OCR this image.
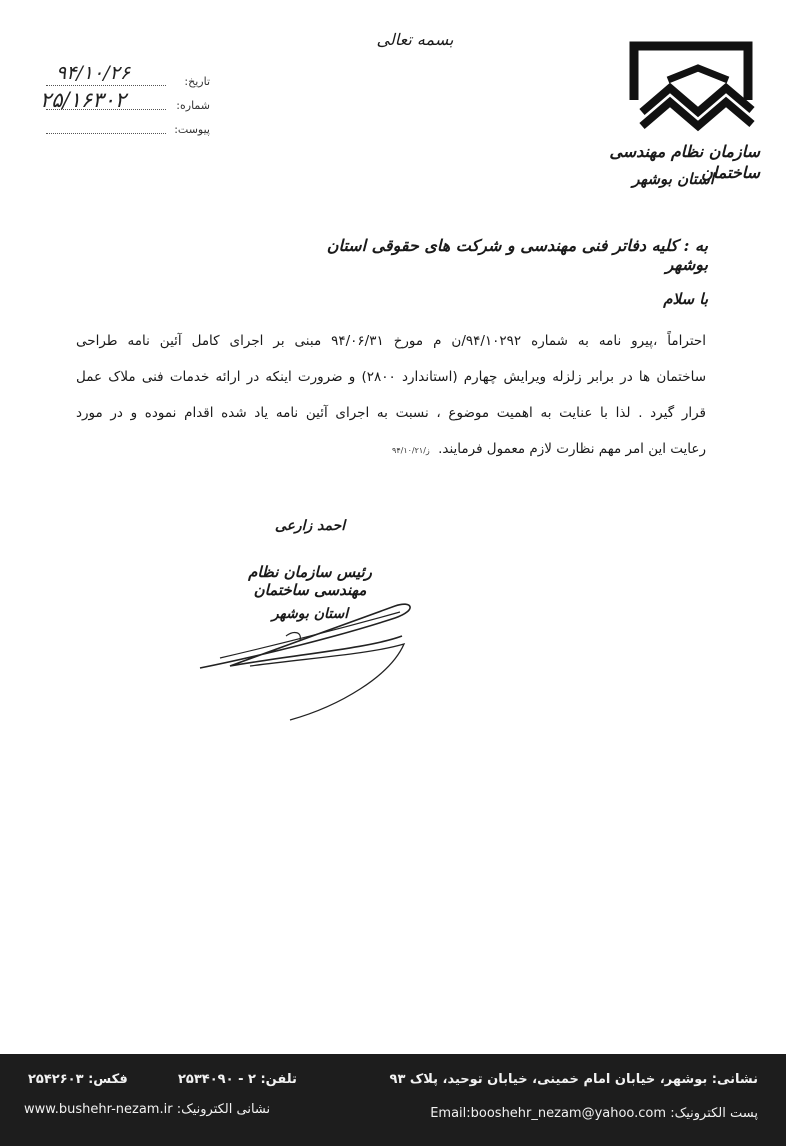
سازمان نظام مهندسی ساختمان
استان بوشهر
بسمه تعالی
تاریخ:
۹۴/۱۰/۲۶
شماره:
۲۵/۱۶۳۰۲
پیوست:
به : کلیه دفاتر فنی مهندسی و شرکت های حقوقی استان بوشهر
با سلام
احتراماً ،پیرو نامه به شماره ۹۴/۱۰۲۹۲/ن م مورخ ۹۴/۰۶/۳۱ مبنی بر اجرای کامل آئین نامه طراحی
ساختمان ها در برابر زلزله ویرایش چهارم (استاندارد ۲۸۰۰) و ضرورت اینکه در ارائه خدمات فنی ملاک عمل
قرار گیرد . لذا با عنایت به اهمیت موضوع ، نسبت به اجرای آئین نامه یاد شده اقدام نموده و در مورد
رعایت این امر مهم نظارت لازم معمول فرمایند. ز/۹۴/۱۰/۲۱
احمد زارعی
رئیس سازمان نظام مهندسی ساختمان
استان بوشهر
نشانی: بوشهر، خیابان امام خمینی، خیابان توحید، پلاک ۹۳
تلفن: ۲ - ۲۵۳۴۰۹۰
فکس: ۲۵۴۲۶۰۳
پست الکترونیک: Email:booshehr_nezam@yahoo.com
نشانی الکترونیک: www.bushehr-nezam.ir
